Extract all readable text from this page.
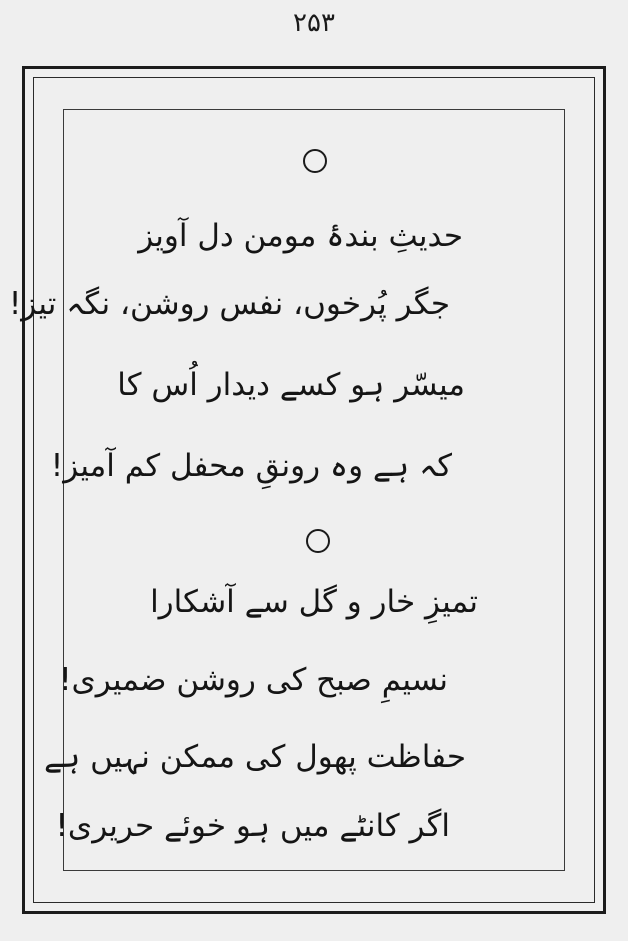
۲۵۳
حدیثِ بندۂ مومن دل آویز
جگر پُرخوں، نفس روشن، نگہ تیز!
میسّر ہو کسے دیدار اُس کا
کہ ہے وہ رونقِ محفل کم آمیز!
تمیزِ خار و گل سے آشکارا
نسیمِ صبح کی روشن ضمیری!
حفاظت پھول کی ممکن نہیں ہے
اگر کانٹے میں ہو خوئے حریری!
